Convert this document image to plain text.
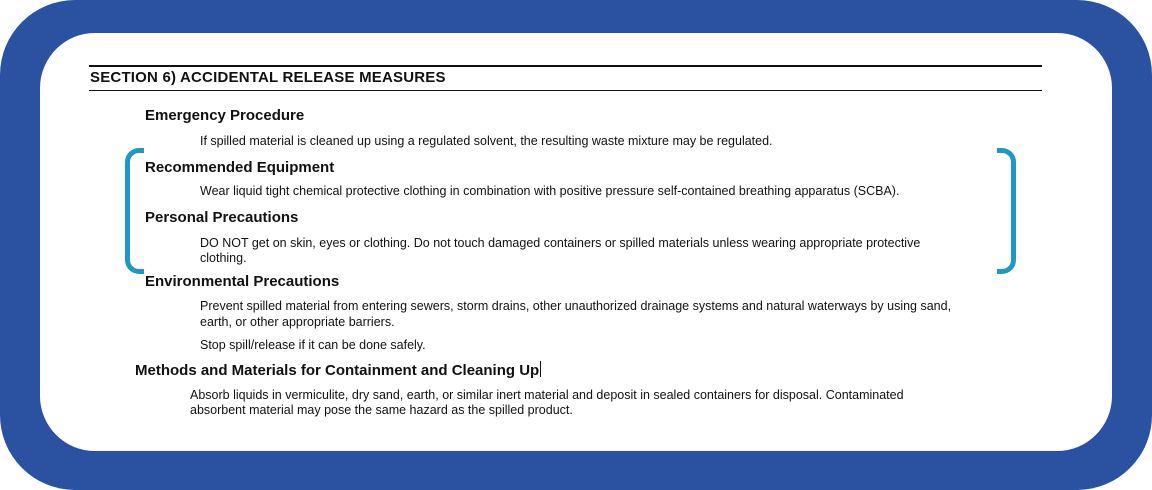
SECTION 6) ACCIDENTAL RELEASE MEASURES
Emergency Procedure
If spilled material is cleaned up using a regulated solvent, the resulting waste mixture may be regulated.
Recommended Equipment
Wear liquid tight chemical protective clothing in combination with positive pressure self-contained breathing apparatus (SCBA).
Personal Precautions
DO NOT get on skin, eyes or clothing. Do not touch damaged containers or spilled materials unless wearing appropriate protective
clothing.
Environmental Precautions
Prevent spilled material from entering sewers, storm drains, other unauthorized drainage systems and natural waterways by using sand,
earth, or other appropriate barriers.
Stop spill/release if it can be done safely.
Methods and Materials for Containment and Cleaning Up
Absorb liquids in vermiculite, dry sand, earth, or similar inert material and deposit in sealed containers for disposal. Contaminated
absorbent material may pose the same hazard as the spilled product.
